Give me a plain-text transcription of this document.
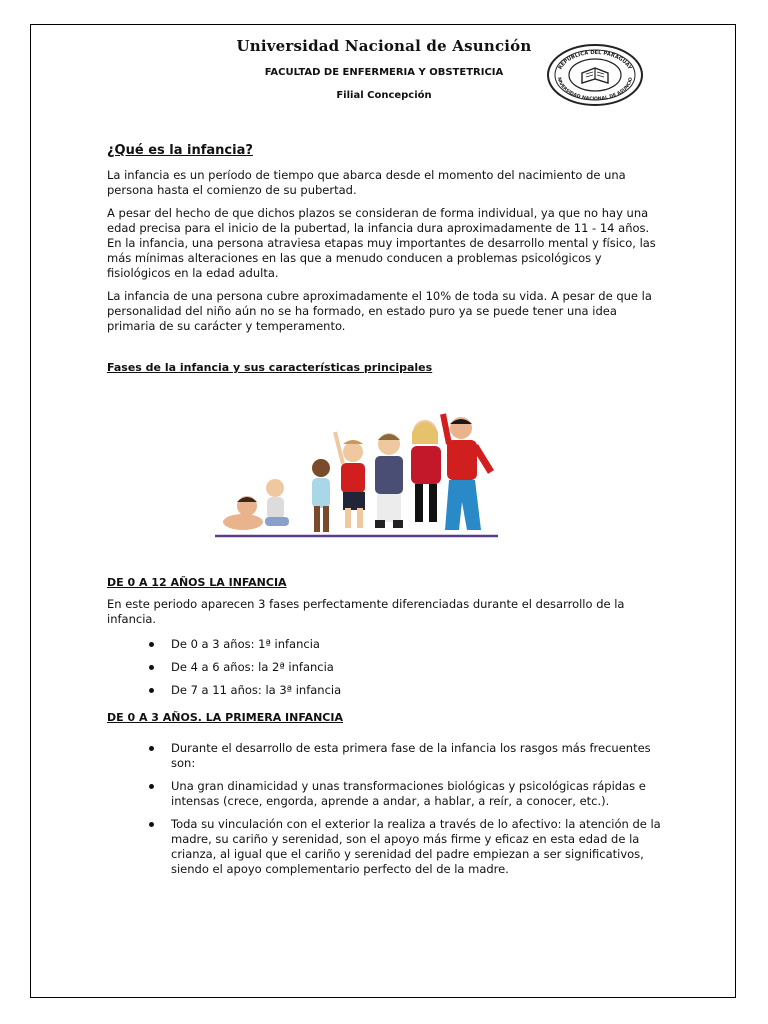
Universidad Nacional de Asunción
FACULTAD DE ENFERMERIA Y OBSTETRICIA
Filial Concepción
REPUBLICA DEL PARAGUAY
NIVERSIDAD NACIONAL DE ASUNCIO
¿Qué es la infancia?

La infancia es un período de tiempo que abarca desde el momento del nacimiento de una persona hasta el comienzo de su pubertad.

A pesar del hecho de que dichos plazos se consideran de forma individual, ya que no hay una edad precisa para el inicio de la pubertad, la infancia dura aproximadamente de 11 - 14 años. En la infancia, una persona atraviesa etapas muy importantes de desarrollo mental y físico, las más mínimas alteraciones en las que a menudo conducen a problemas psicológicos y fisiológicos en la edad adulta.

La infancia de una persona cubre aproximadamente el 10% de toda su vida. A pesar de que la personalidad del niño aún no se ha formado, en estado puro ya se puede tener una idea primaria de su carácter y temperamento.

Fases de la infancia y sus características principales
DE 0 A 12 AÑOS LA INFANCIA

En este periodo aparecen 3 fases perfectamente diferenciadas durante el desarrollo de la infancia.

De 0 a 3 años: 1ª infancia
De 4 a 6 años: la 2ª infancia
De 7 a 11 años: la 3ª infancia
DE 0 A 3 AÑOS. LA PRIMERA INFANCIA
Durante el desarrollo de esta primera fase de la infancia los rasgos más frecuentes son:
Una gran dinamicidad y unas transformaciones biológicas y psicológicas rápidas e intensas (crece, engorda, aprende a andar, a hablar, a reír, a conocer, etc.).
Toda su vinculación con el exterior la realiza a través de lo afectivo: la atención de la madre, su cariño y serenidad, son el apoyo más firme y eficaz en esta edad de la crianza, al igual que el cariño y serenidad del padre empiezan a ser significativos, siendo el apoyo complementario perfecto del de la madre.
